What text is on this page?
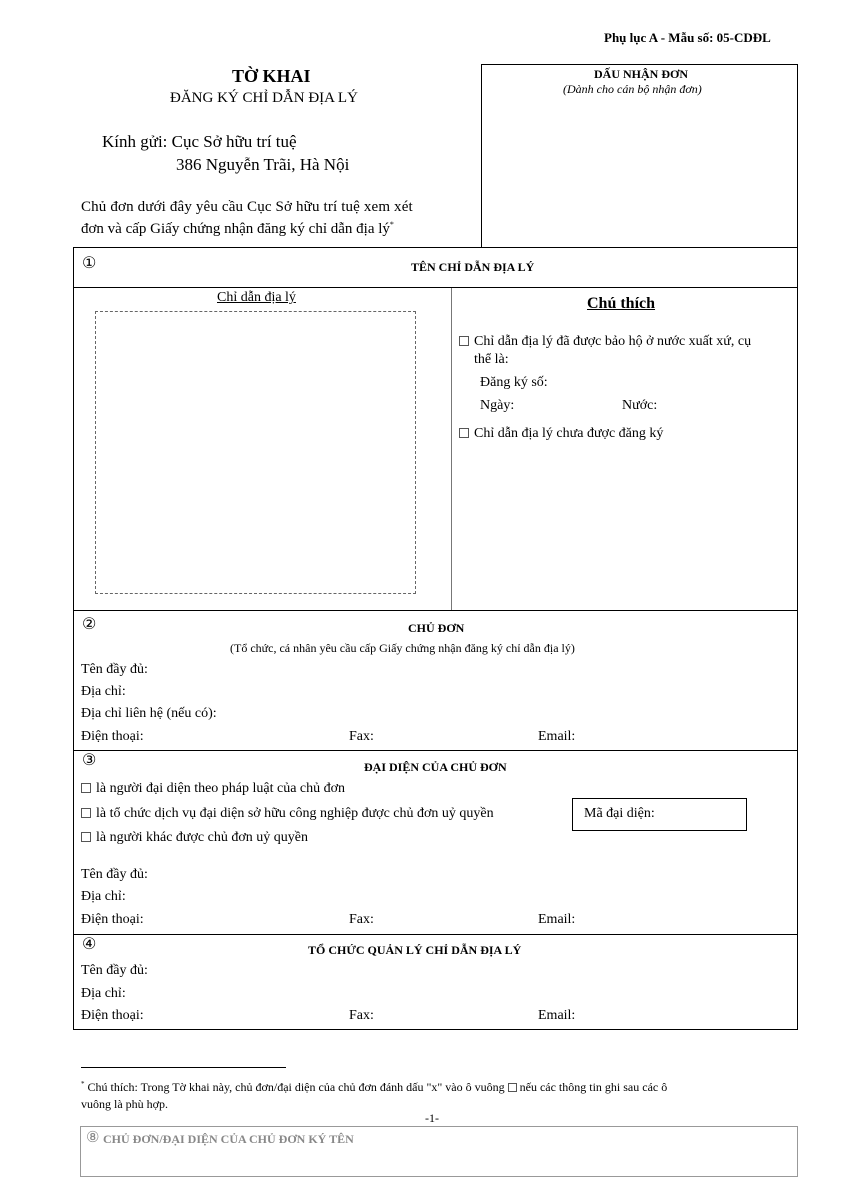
Phụ lục A - Mẫu số: 05-CDĐL
TỜ KHAI
ĐĂNG KÝ CHỈ DẪN ĐỊA LÝ
Kính gửi: Cục Sở hữu trí tuệ
386 Nguyễn Trãi, Hà Nội
Chủ đơn dưới đây yêu cầu Cục Sở hữu trí tuệ xem xét
đơn và cấp Giấy chứng nhận đăng ký chỉ dẫn địa lý*
DẤU NHẬN ĐƠN
(Dành cho cán bộ nhận đơn)
①	TÊN CHỈ DẪN ĐỊA LÝ
Chỉ dẫn địa lý	Chú thích
Chỉ dẫn địa lý đã được bảo hộ ở nước xuất xứ, cụ
thể là:
Đăng ký số:
Ngày:	Nước:
Chỉ dẫn địa lý chưa được đăng ký
②	CHỦ ĐƠN
(Tổ chức, cá nhân yêu cầu cấp Giấy chứng nhận đăng ký chỉ dẫn địa lý)
Tên đầy đủ:
Địa chỉ:
Địa chỉ liên hệ (nếu có):
Điện thoại:	Fax:	Email:
③	ĐẠI DIỆN CỦA CHỦ ĐƠN
là người đại diện theo pháp luật của chủ đơn
là tổ chức dịch vụ đại diện sở hữu công nghiệp được chủ đơn uỷ quyền
là người khác được chủ đơn uỷ quyền
Mã đại diện:
Tên đầy đủ:
Địa chỉ:
Điện thoại:	Fax:	Email:
④	TỔ CHỨC QUẢN LÝ CHỈ DẪN ĐỊA LÝ
Tên đầy đủ:
Địa chỉ:
Điện thoại:	Fax:	Email:
* Chú thích: Trong Tờ khai này, chủ đơn/đại diện của chủ đơn đánh dấu "x" vào ô vuông nếu các thông tin ghi sau các ô
vuông là phù hợp.
-1-
⑧ CHỦ ĐƠN/ĐẠI DIỆN CỦA CHỦ ĐƠN KÝ TÊN
